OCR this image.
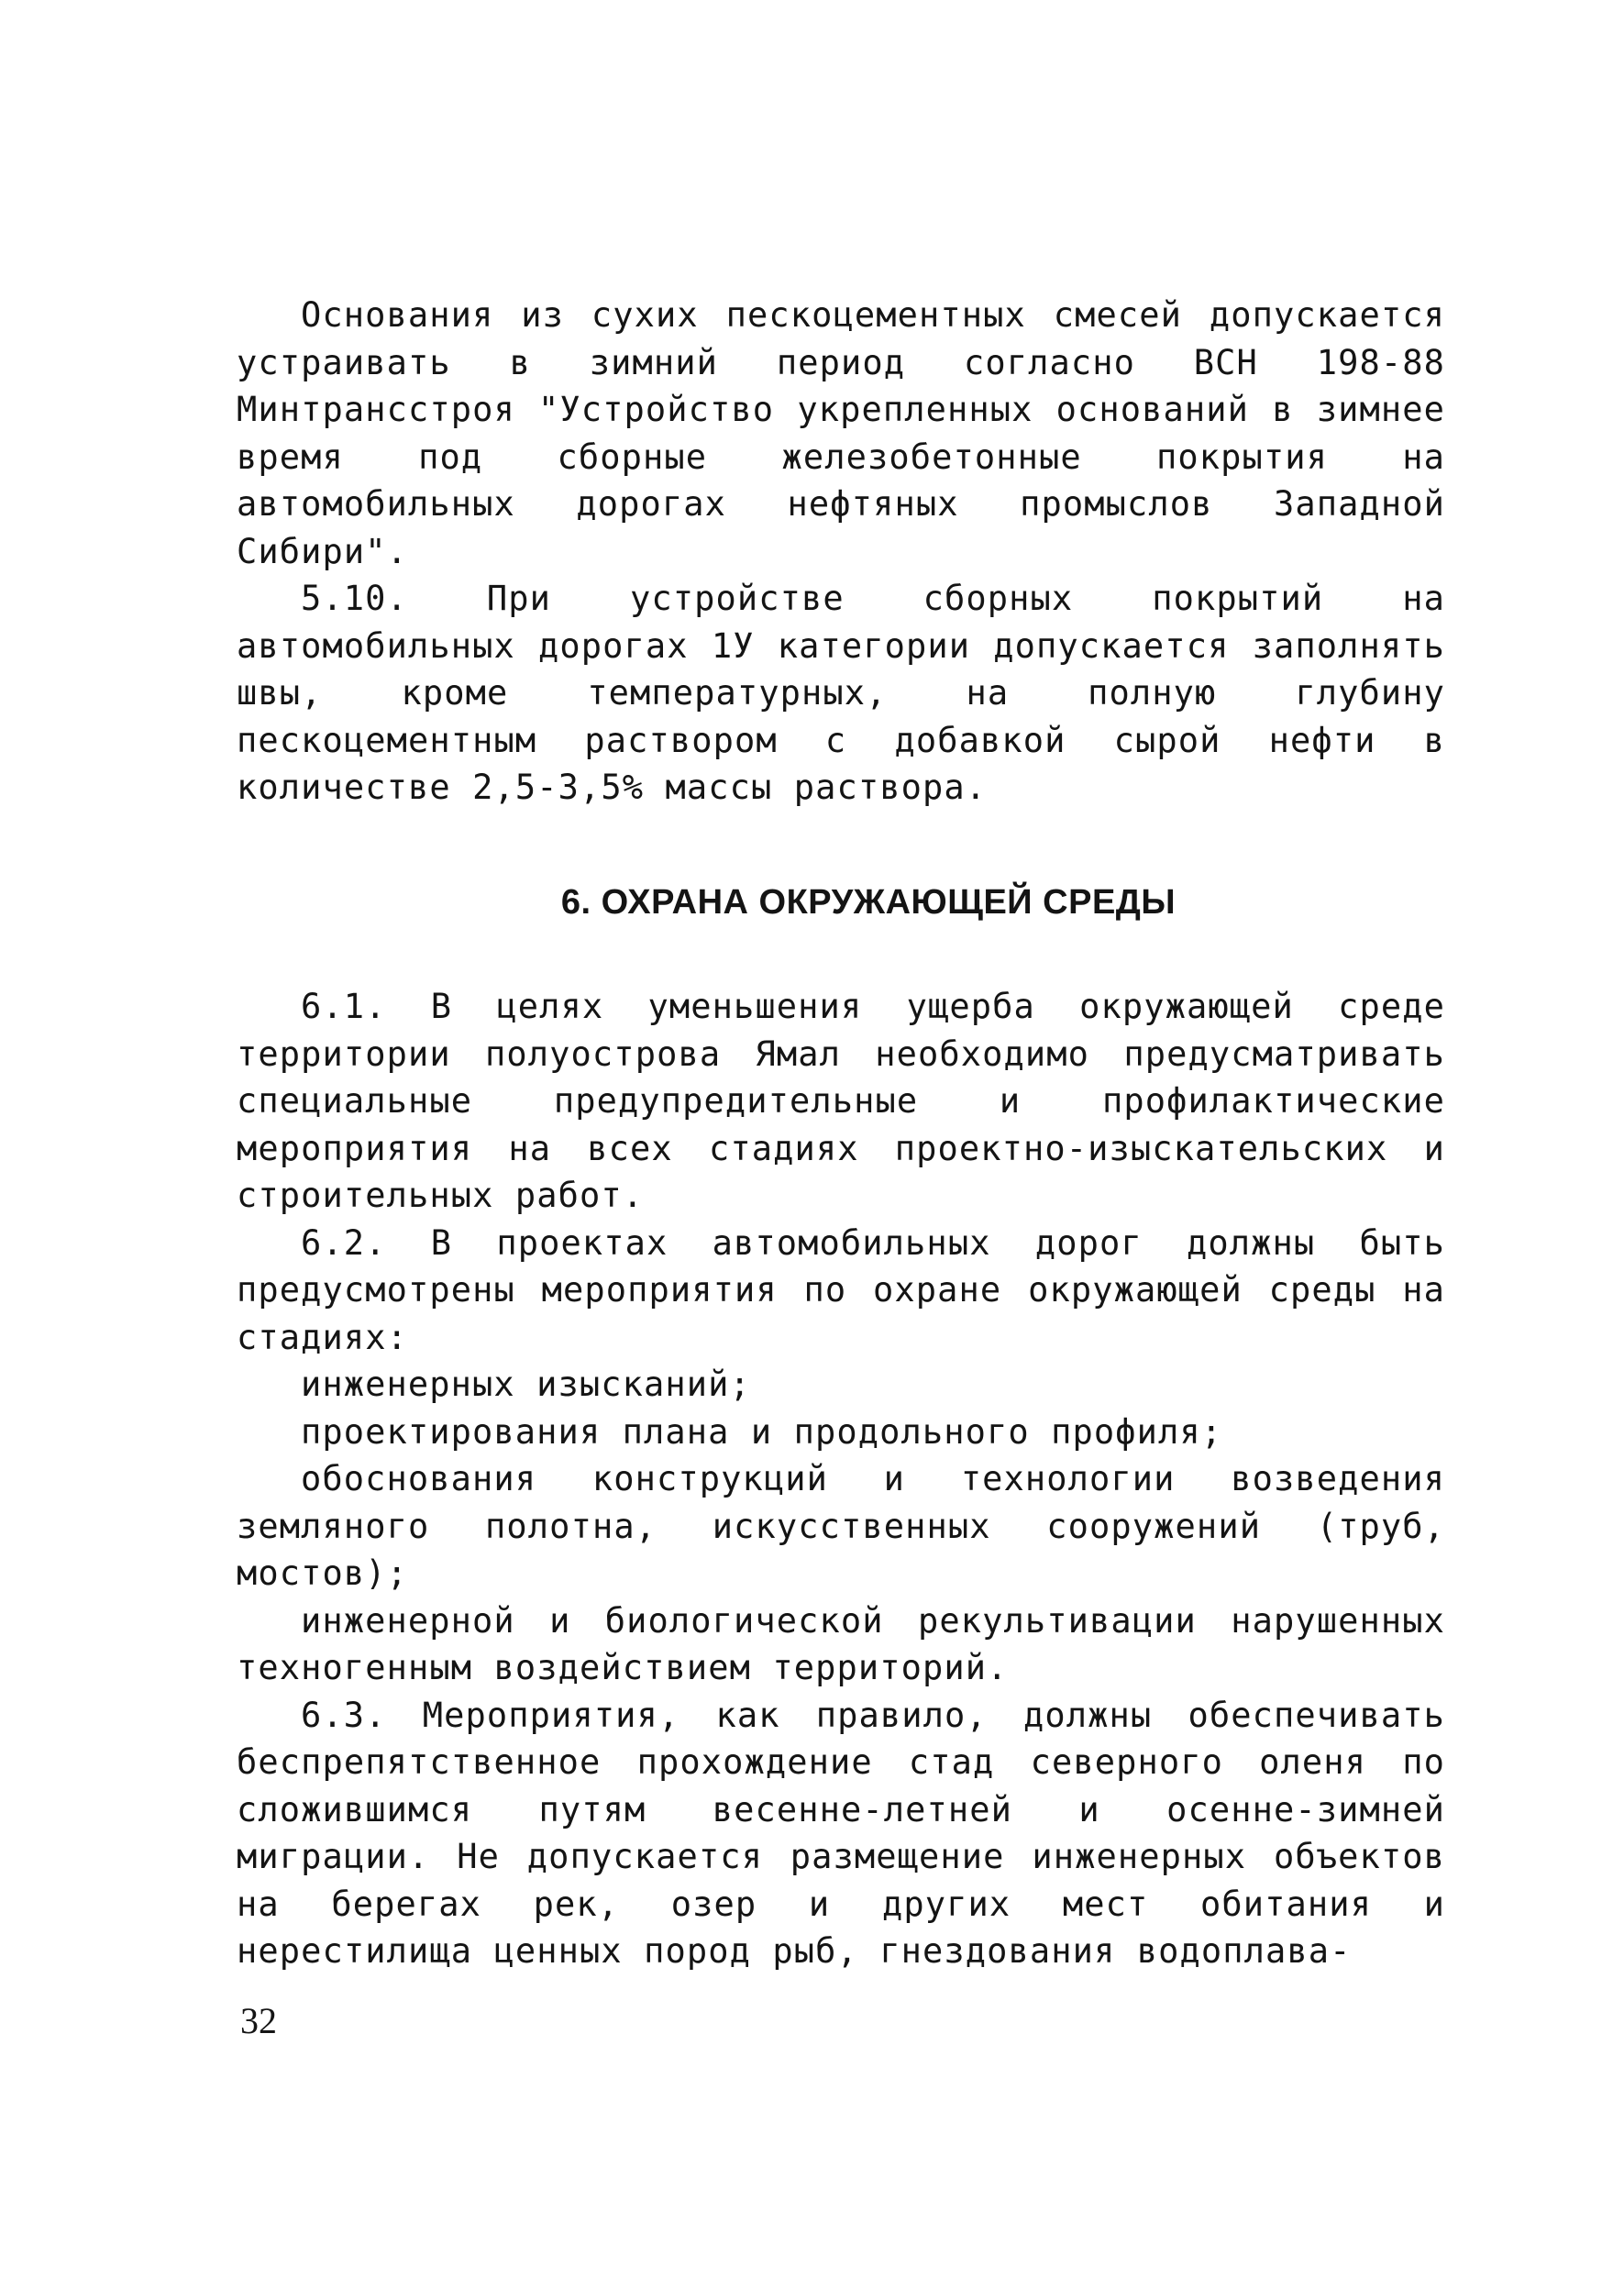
Основания из сухих пескоцементных смесей допускается устраивать в зимний период согласно ВСН 198-88 Минтрансстроя "Устройство укрепленных оснований в зимнее время под сборные железобетонные покрытия на автомобильных дорогах нефтяных промыслов Западной Сибири".

5.10. При устройстве сборных покрытий на автомобильных дорогах 1У категории допускается заполнять швы, кроме температурных, на полную глубину пескоцементным раствором с добавкой сырой нефти в количестве 2,5-3,5% массы раствора.

6. ОХРАНА ОКРУЖАЮЩЕЙ СРЕДЫ

6.1. В целях уменьшения ущерба окружающей среде территории полуострова Ямал необходимо предусматривать специальные предупредительные и профилактические мероприятия на всех стадиях проектно-изыскательских и строительных работ.

6.2. В проектах автомобильных дорог должны быть предусмотрены мероприятия по охране окружающей среды на стадиях:

инженерных изысканий;

проектирования плана и продольного профиля;

обоснования конструкций и технологии возведения земляного полотна, искусственных сооружений (труб, мостов);

инженерной и биологической рекультивации нарушенных техногенным воздействием территорий.

6.3. Мероприятия, как правило, должны обеспечивать беспрепятственное прохождение стад северного оленя по сложившимся путям весенне-летней и осенне-зимней миграции. Не допускается размещение инженерных объектов на берегах рек, озер и других мест обитания и нерестилища ценных пород рыб, гнездования водоплава-

32
